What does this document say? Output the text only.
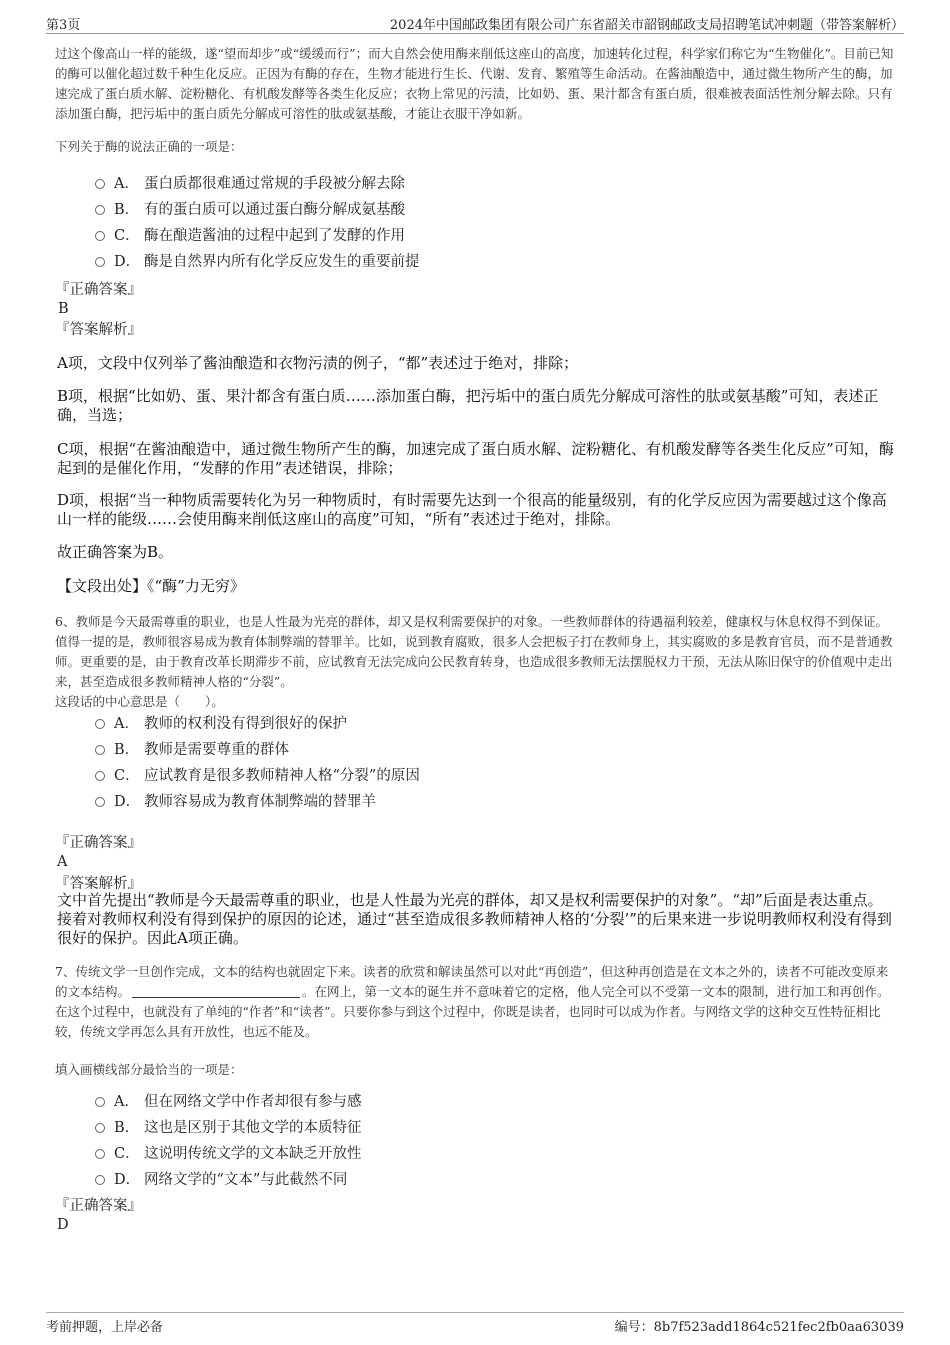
第3页	2024年中国邮政集团有限公司广东省韶关市韶钢邮政支局招聘笔试冲刺题（带答案解析）
过这个像高山一样的能级，遂“望而却步”或“缓缓而行”；而大自然会使用酶来削低这座山的高度，加速转化过程，科学家们称它为“生物催化”。目前已知的酶可以催化超过数千种生化反应。正因为有酶的存在，生物才能进行生长、代谢、发育、繁殖等生命活动。在酱油酿造中，通过微生物所产生的酶，加速完成了蛋白质水解、淀粉糖化、有机酸发酵等各类生化反应；衣物上常见的污渍，比如奶、蛋、果汁都含有蛋白质，很难被表面活性剂分解去除。只有添加蛋白酶，把污垢中的蛋白质先分解成可溶性的肽或氨基酸，才能让衣服干净如新。
下列关于酶的说法正确的一项是：
A． 蛋白质都很难通过常规的手段被分解去除
B． 有的蛋白质可以通过蛋白酶分解成氨基酸
C． 酶在酿造酱油的过程中起到了发酵的作用
D． 酶是自然界内所有化学反应发生的重要前提
『正确答案』
B
『答案解析』
A项，文段中仅列举了酱油酿造和衣物污渍的例子，“都”表述过于绝对，排除；
B项，根据“比如奶、蛋、果汁都含有蛋白质……添加蛋白酶，把污垢中的蛋白质先分解成可溶性的肽或氨基酸”可知，表述正确，当选；
C项，根据“在酱油酿造中，通过微生物所产生的酶，加速完成了蛋白质水解、淀粉糖化、有机酸发酵等各类生化反应”可知，酶起到的是催化作用，“发酵的作用”表述错误，排除；
D项，根据“当一种物质需要转化为另一种物质时，有时需要先达到一个很高的能量级别，有的化学反应因为需要越过这个像高山一样的能级……会使用酶来削低这座山的高度”可知，“所有”表述过于绝对，排除。
故正确答案为B。
【文段出处】《“酶”力无穷》
6、教师是今天最需尊重的职业，也是人性最为光亮的群体，却又是权利需要保护的对象。一些教师群体的待遇福利较差，健康权与休息权得不到保证。值得一提的是，教师很容易成为教育体制弊端的替罪羊。比如，说到教育腐败，很多人会把板子打在教师身上，其实腐败的多是教育官员，而不是普通教师。更重要的是，由于教育改革长期滞步不前，应试教育无法完成向公民教育转身，也造成很多教师无法摆脱权力干预，无法从陈旧保守的价值观中走出来，甚至造成很多教师精神人格的“分裂”。
这段话的中心意思是（　　）。
A． 教师的权利没有得到很好的保护
B． 教师是需要尊重的群体
C． 应试教育是很多教师精神人格“分裂”的原因
D． 教师容易成为教育体制弊端的替罪羊
『正确答案』
A
『答案解析』
文中首先提出“教师是今天最需尊重的职业，也是人性最为光亮的群体，却又是权利需要保护的对象”。“却”后面是表达重点。接着对教师权利没有得到保护的原因的论述，通过“甚至造成很多教师精神人格的‘分裂’”的后果来进一步说明教师权利没有得到很好的保护。因此A项正确。
7、传统文学一旦创作完成，文本的结构也就固定下来。读者的欣赏和解读虽然可以对此“再创造”，但这种再创造是在文本之外的，读者不可能改变原来的文本结构。	。在网上，第一文本的诞生并不意味着它的定格，他人完全可以不受第一文本的限制，进行加工和再创作。在这个过程中，也就没有了单纯的“作者”和“读者”。只要你参与到这个过程中，你既是读者，也同时可以成为作者。与网络文学的这种交互性特征相比较，传统文学再怎么具有开放性，也远不能及。
填入画横线部分最恰当的一项是：
A． 但在网络文学中作者却很有参与感
B． 这也是区别于其他文学的本质特征
C． 这说明传统文学的文本缺乏开放性
D． 网络文学的“文本”与此截然不同
『正确答案』
D
考前押题，上岸必备	编号：8b7f523add1864c521fec2fb0aa63039
